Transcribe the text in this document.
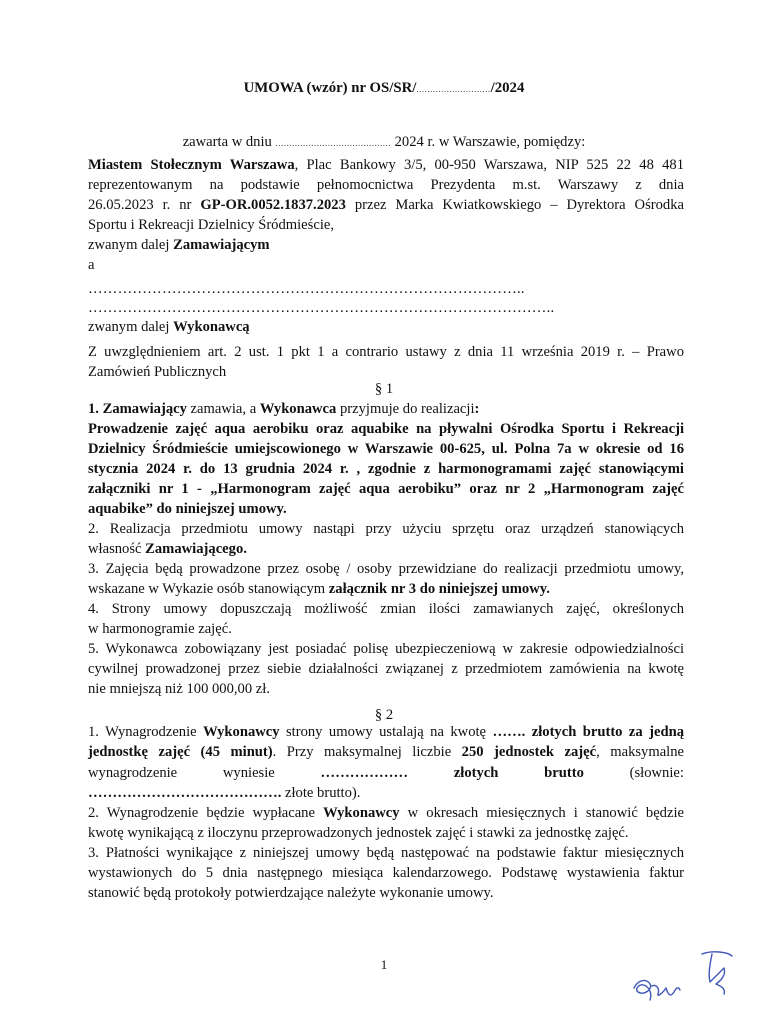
UMOWA (wzór) nr OS/SR/.........................../2024
zawarta w dniu .......................................... 2024 r. w Warszawie, pomiędzy:
Miastem Stołecznym Warszawa, Plac Bankowy 3/5, 00-950 Warszawa, NIP 525 22 48 481
reprezentowanym na podstawie pełnomocnictwa Prezydenta m.st. Warszawy z dnia
26.05.2023 r. nr GP-OR.0052.1837.2023 przez Marka Kwiatkowskiego – Dyrektora Ośrodka
Sportu i Rekreacji Dzielnicy Śródmieście,
zwanym dalej Zamawiającym
a
……………………………………………………………………………..
…………………………………………………………………………………..
zwanym dalej Wykonawcą
Z uwzględnieniem art. 2 ust. 1 pkt 1 a contrario ustawy z dnia 11 września 2019 r. – Prawo
Zamówień Publicznych
§ 1
1. Zamawiający zamawia, a Wykonawca przyjmuje do realizacji:
Prowadzenie zajęć aqua aerobiku oraz aquabike na pływalni Ośrodka Sportu i Rekreacji
Dzielnicy Śródmieście umiejscowionego w Warszawie 00-625, ul. Polna 7a w okresie od 16
stycznia 2024 r. do 13 grudnia 2024 r. , zgodnie z harmonogramami zajęć stanowiącymi
załączniki nr 1 - „Harmonogram zajęć aqua aerobiku” oraz nr 2 „Harmonogram zajęć
aquabike” do niniejszej umowy.
2. Realizacja przedmiotu umowy nastąpi przy użyciu sprzętu oraz urządzeń stanowiących
własność Zamawiającego.
3. Zajęcia będą prowadzone przez osobę / osoby przewidziane do realizacji przedmiotu umowy,
wskazane w Wykazie osób stanowiącym załącznik nr 3 do niniejszej umowy.
4. Strony umowy dopuszczają możliwość zmian ilości zamawianych zajęć, określonych
w harmonogramie zajęć.
5. Wykonawca zobowiązany jest posiadać polisę ubezpieczeniową w zakresie odpowiedzialności
cywilnej prowadzonej przez siebie działalności związanej z przedmiotem zamówienia na kwotę
nie mniejszą niż 100 000,00 zł.
§ 2
1. Wynagrodzenie Wykonawcy strony umowy ustalają na kwotę ……. złotych brutto za jedną
jednostkę zajęć (45 minut). Przy maksymalnej liczbie 250 jednostek zajęć, maksymalne
wynagrodzenie	wyniesie	………………	złotych	brutto	(słownie:
…………………………………. złote brutto).
2. Wynagrodzenie będzie wypłacane Wykonawcy w okresach miesięcznych i stanowić będzie
kwotę wynikającą z iloczynu przeprowadzonych jednostek zajęć i stawki za jednostkę zajęć.
3. Płatności wynikające z niniejszej umowy będą następować na podstawie faktur miesięcznych
wystawionych do 5 dnia następnego miesiąca kalendarzowego. Podstawę wystawienia faktur
stanowić będą protokoły potwierdzające należyte wykonanie umowy.
1
